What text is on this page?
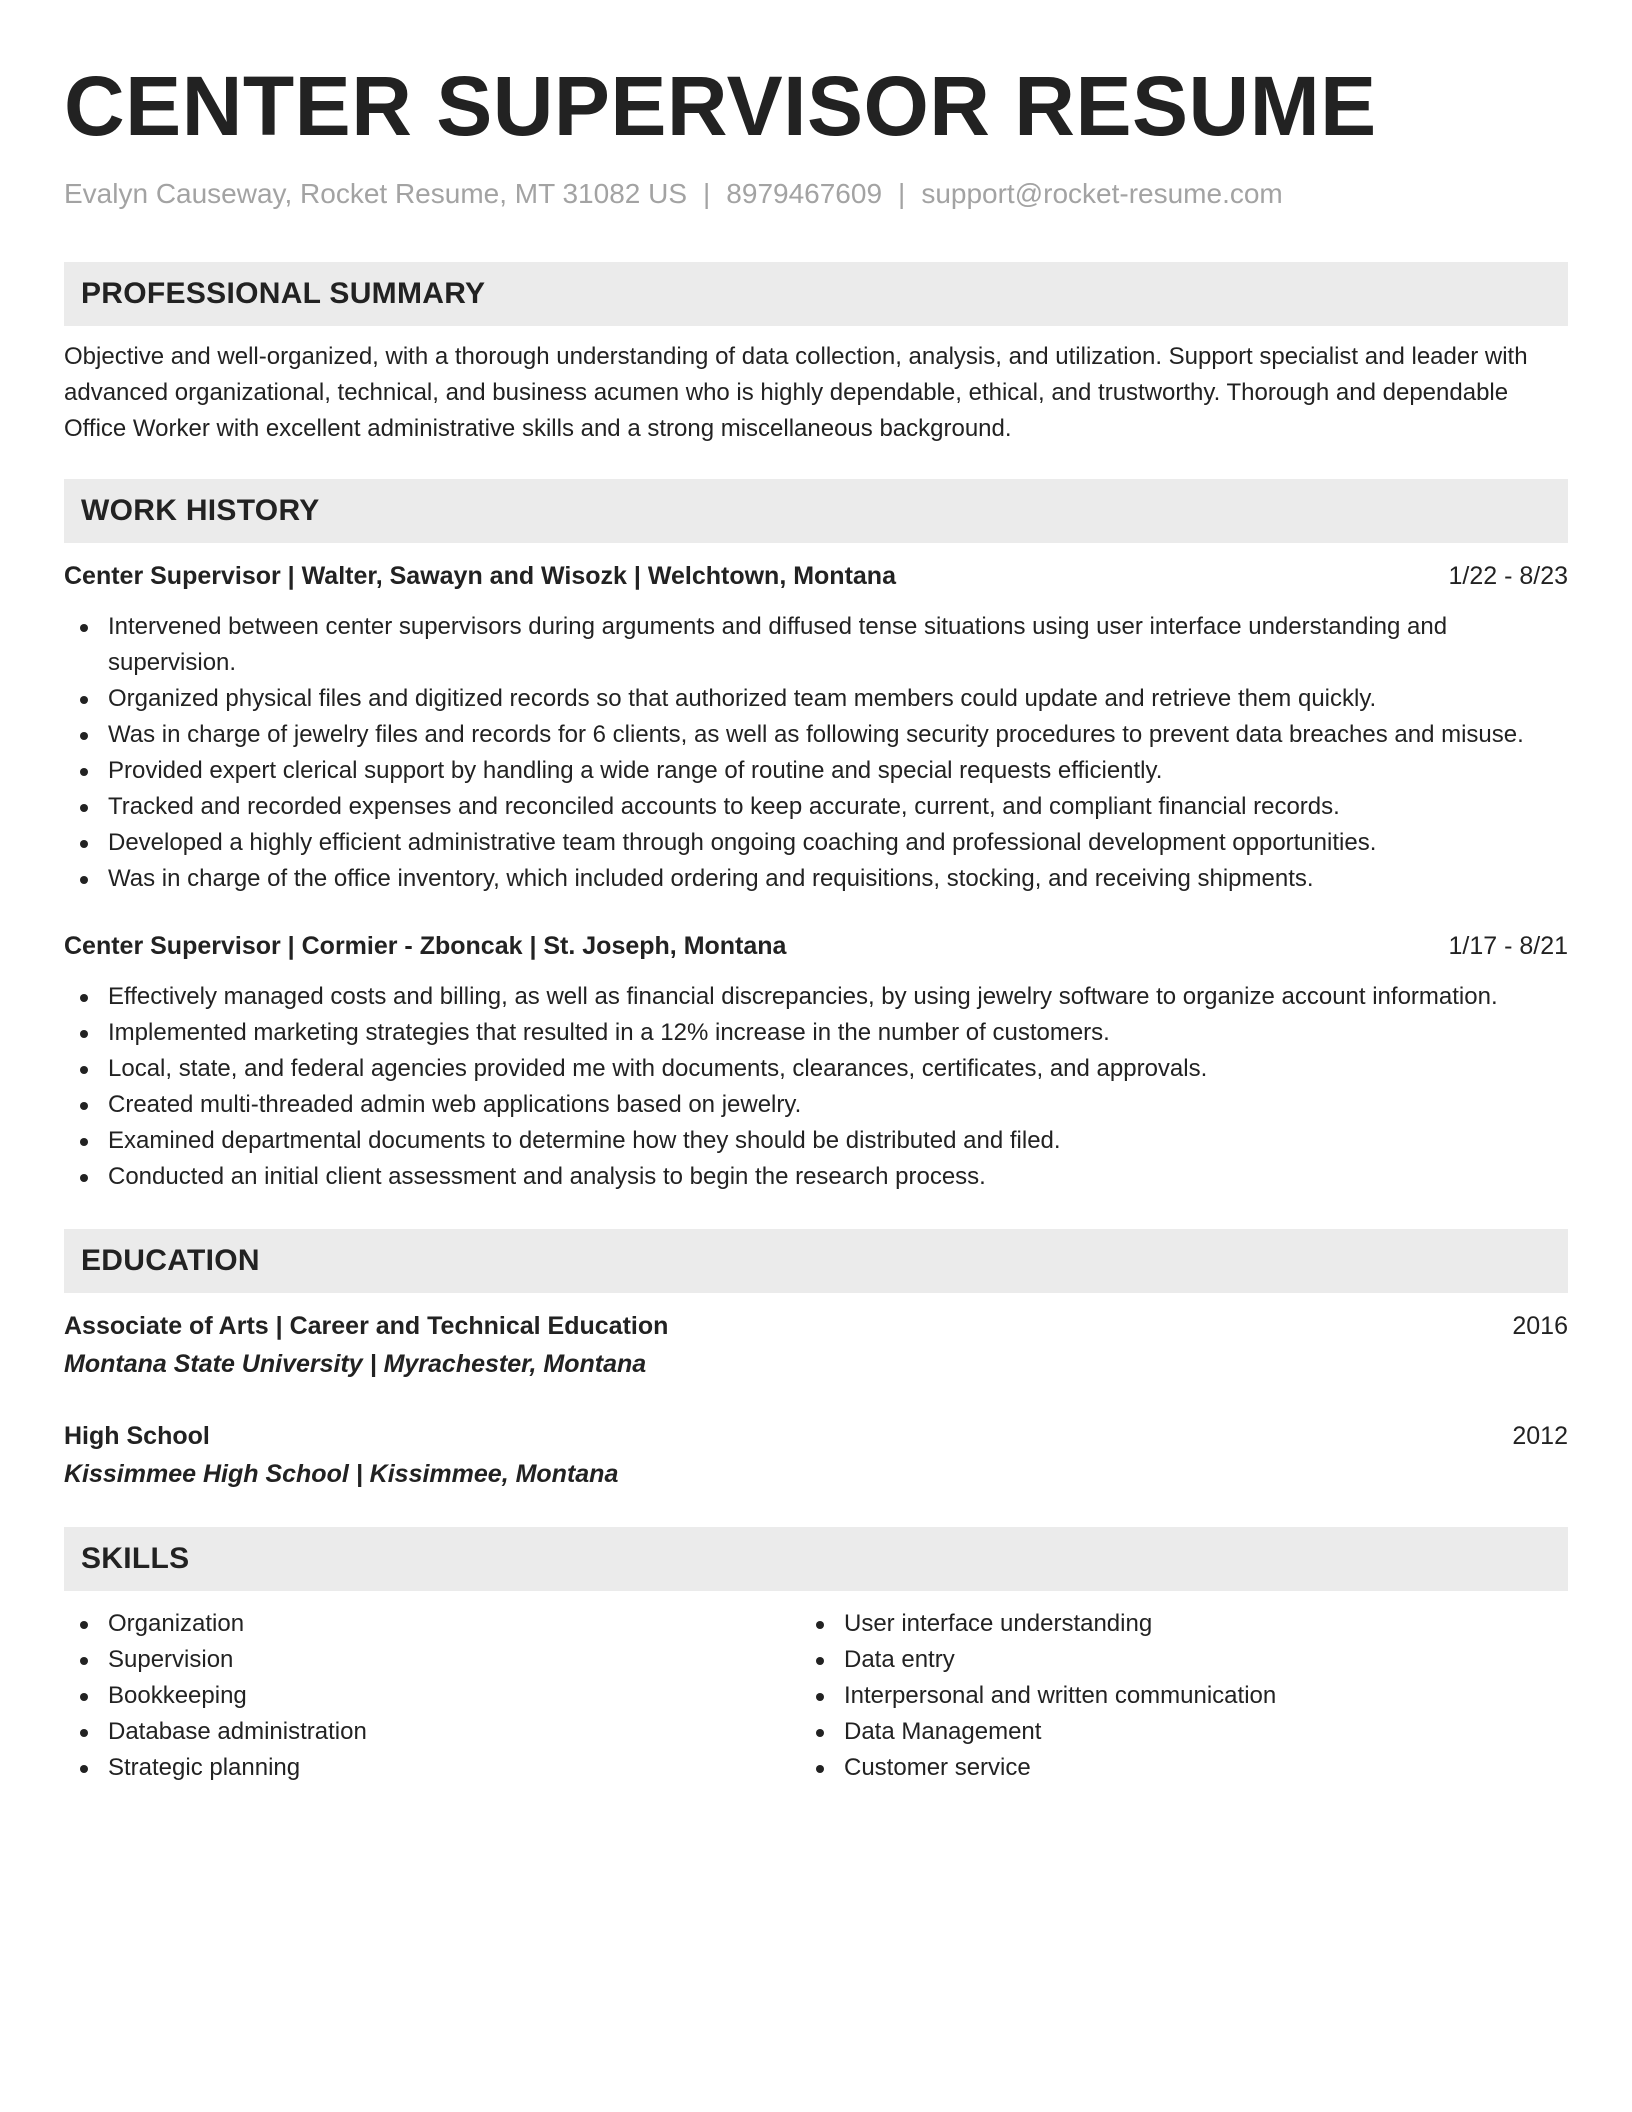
CENTER SUPERVISOR RESUME
Evalyn Causeway, Rocket Resume, MT 31082 US | 8979467609 | support@rocket-resume.com
PROFESSIONAL SUMMARY

Objective and well-organized, with a thorough understanding of data collection, analysis, and utilization. Support specialist and leader with advanced organizational, technical, and business acumen who is highly dependable, ethical, and trustworthy. Thorough and dependable Office Worker with excellent administrative skills and a strong miscellaneous background.

WORK HISTORY
Center Supervisor | Walter, Sawayn and Wisozk | Welchtown, Montana	1/22 - 8/23
Intervened between center supervisors during arguments and diffused tense situations using user interface understanding and supervision.
Organized physical files and digitized records so that authorized team members could update and retrieve them quickly.
Was in charge of jewelry files and records for 6 clients, as well as following security procedures to prevent data breaches and misuse.
Provided expert clerical support by handling a wide range of routine and special requests efficiently.
Tracked and recorded expenses and reconciled accounts to keep accurate, current, and compliant financial records.
Developed a highly efficient administrative team through ongoing coaching and professional development opportunities.
Was in charge of the office inventory, which included ordering and requisitions, stocking, and receiving shipments.
Center Supervisor | Cormier - Zboncak | St. Joseph, Montana	1/17 - 8/21
Effectively managed costs and billing, as well as financial discrepancies, by using jewelry software to organize account information.
Implemented marketing strategies that resulted in a 12% increase in the number of customers.
Local, state, and federal agencies provided me with documents, clearances, certificates, and approvals.
Created multi-threaded admin web applications based on jewelry.
Examined departmental documents to determine how they should be distributed and filed.
Conducted an initial client assessment and analysis to begin the research process.
EDUCATION
Associate of Arts | Career and Technical Education	2016
Montana State University | Myrachester, Montana
High School	2012
Kissimmee High School | Kissimmee, Montana
SKILLS
Organization
Supervision
Bookkeeping
Database administration
Strategic planning
User interface understanding
Data entry
Interpersonal and written communication
Data Management
Customer service
